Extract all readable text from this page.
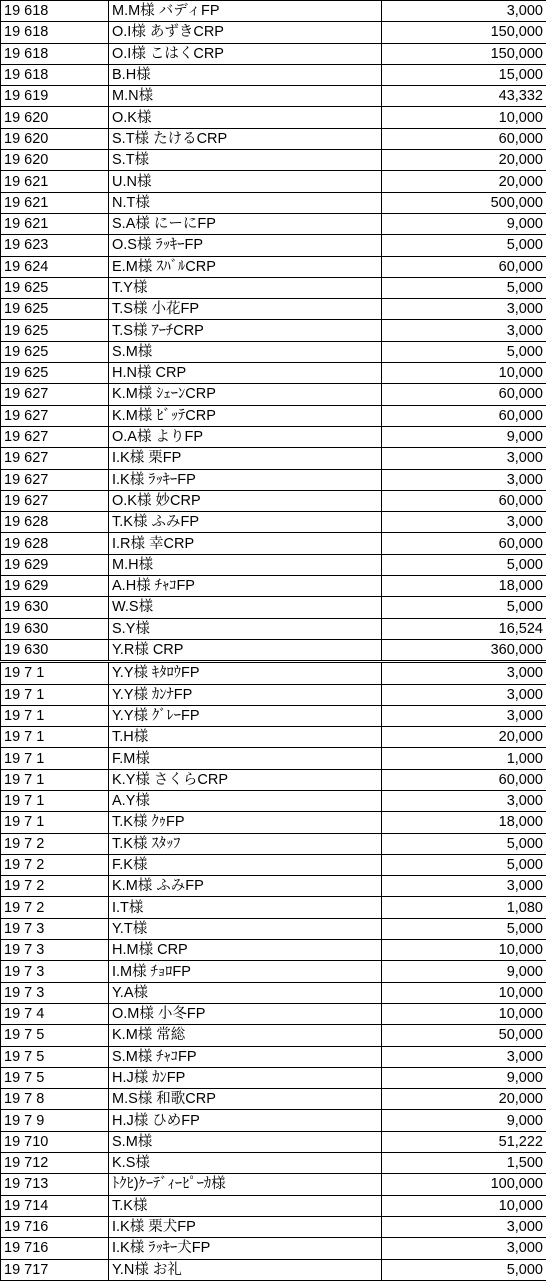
19 618	M.M様 バディFP	3,000
19 618	O.I様 あずきCRP	150,000
19 618	O.I様 こはくCRP	150,000
19 618	B.H様	15,000
19 619	M.N様	43,332
19 620	O.K様	10,000
19 620	S.T様 たけるCRP	60,000
19 620	S.T様	20,000
19 621	U.N様	20,000
19 621	N.T様	500,000
19 621	S.A様 にーにFP	9,000
19 623	O.S様 ﾗｯｷｰFP	5,000
19 624	E.M様 ｽﾊﾞﾙCRP	60,000
19 625	T.Y様	5,000
19 625	T.S様 小花FP	3,000
19 625	T.S様 ｱｰﾁCRP	3,000
19 625	S.M様	5,000
19 625	H.N様 CRP	10,000
19 627	K.M様 ｼｪｰﾝCRP	60,000
19 627	K.M様 ﾋﾞｯﾃCRP	60,000
19 627	O.A様 よりFP	9,000
19 627	I.K様 栗FP	3,000
19 627	I.K様 ﾗｯｷｰFP	3,000
19 627	O.K様 妙CRP	60,000
19 628	T.K様 ふみFP	3,000
19 628	I.R様 幸CRP	60,000
19 629	M.H様	5,000
19 629	A.H様 ﾁｬｺFP	18,000
19 630	W.S様	5,000
19 630	S.Y様	16,524
19 630	Y.R様 CRP	360,000
19 7 1	Y.Y様 ｷﾀﾛｳFP	3,000
19 7 1	Y.Y様 ｶﾝﾅFP	3,000
19 7 1	Y.Y様 ｸﾞﾚｰFP	3,000
19 7 1	T.H様	20,000
19 7 1	F.M様	1,000
19 7 1	K.Y様 さくらCRP	60,000
19 7 1	A.Y様	3,000
19 7 1	T.K様 ｸｩFP	18,000
19 7 2	T.K様 ｽﾀｯﾌ	5,000
19 7 2	F.K様	5,000
19 7 2	K.M様 ふみFP	3,000
19 7 2	I.T様	1,080
19 7 3	Y.T様	5,000
19 7 3	H.M様 CRP	10,000
19 7 3	I.M様 ﾁｮﾛFP	9,000
19 7 3	Y.A様	10,000
19 7 4	O.M様 小冬FP	10,000
19 7 5	K.M様 常総	50,000
19 7 5	S.M様 ﾁｬｺFP	3,000
19 7 5	H.J様 ｶﾝFP	9,000
19 7 8	M.S様 和歌CRP	20,000
19 7 9	H.J様 ひめFP	9,000
19 710	S.M様	51,222
19 712	K.S様	1,500
19 713	ﾄｸﾋ)ｹｰﾃﾞｨｰﾋﾟｰｶ様	100,000
19 714	T.K様	10,000
19 716	I.K様 栗犬FP	3,000
19 716	I.K様 ﾗｯｷｰ犬FP	3,000
19 717	Y.N様 お礼	5,000
